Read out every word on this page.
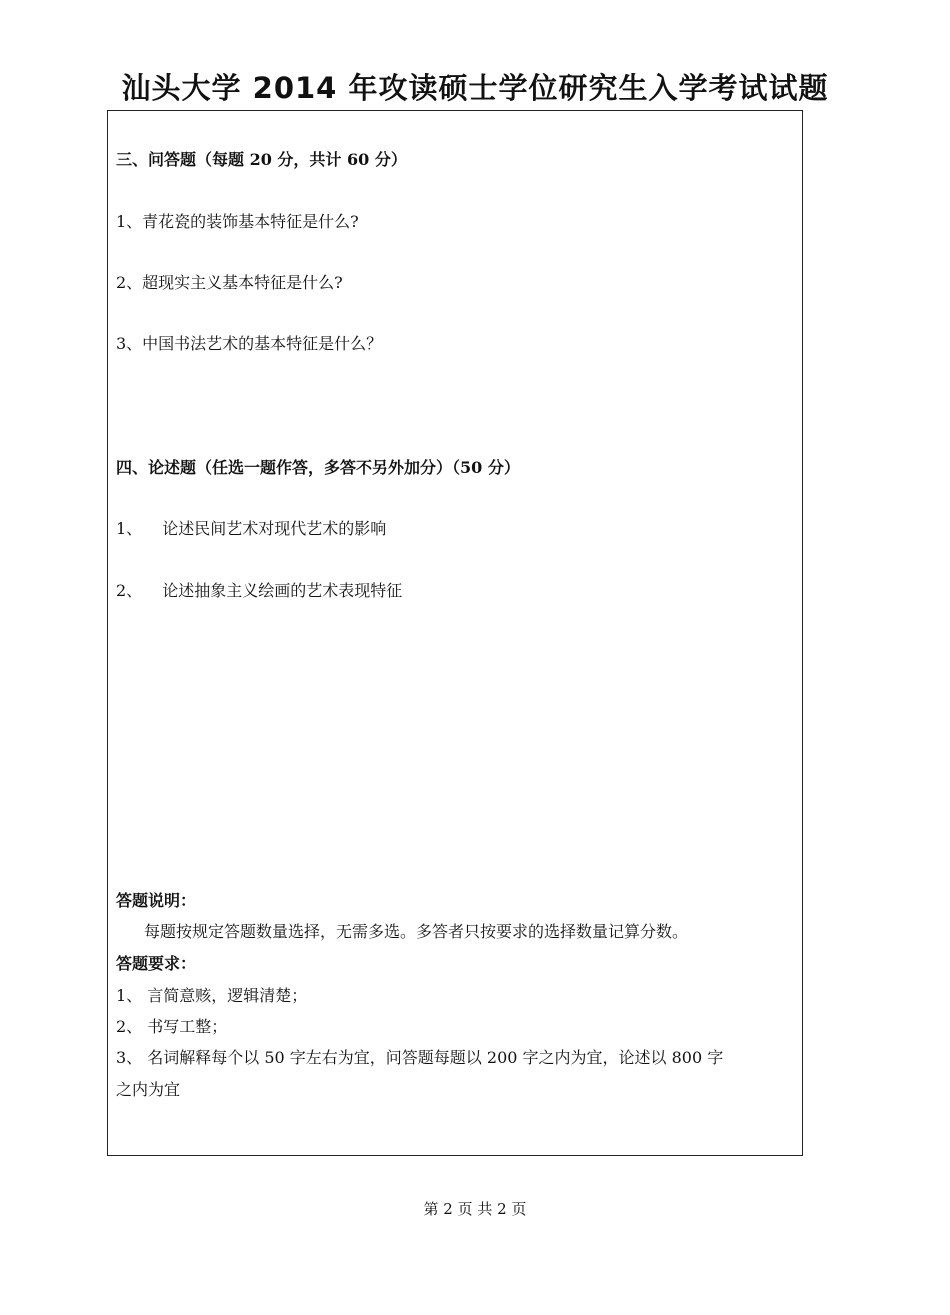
汕头大学 2014 年攻读硕士学位研究生入学考试试题
三、问答题（每题 20 分，共计 60 分）
1、青花瓷的装饰基本特征是什么?
2、超现实主义基本特征是什么?
3、中国书法艺术的基本特征是什么？
四、论述题（任选一题作答，多答不另外加分）（50 分）
1、 论述民间艺术对现代艺术的影响
2、 论述抽象主义绘画的艺术表现特征
答题说明：
每题按规定答题数量选择，无需多选。多答者只按要求的选择数量记算分数。
答题要求：
1、 言简意赅，逻辑清楚；
2、 书写工整；
3、 名词解释每个以 50 字左右为宜，问答题每题以 200 字之内为宜，论述以 800 字
之内为宜
第 2 页 共 2 页
